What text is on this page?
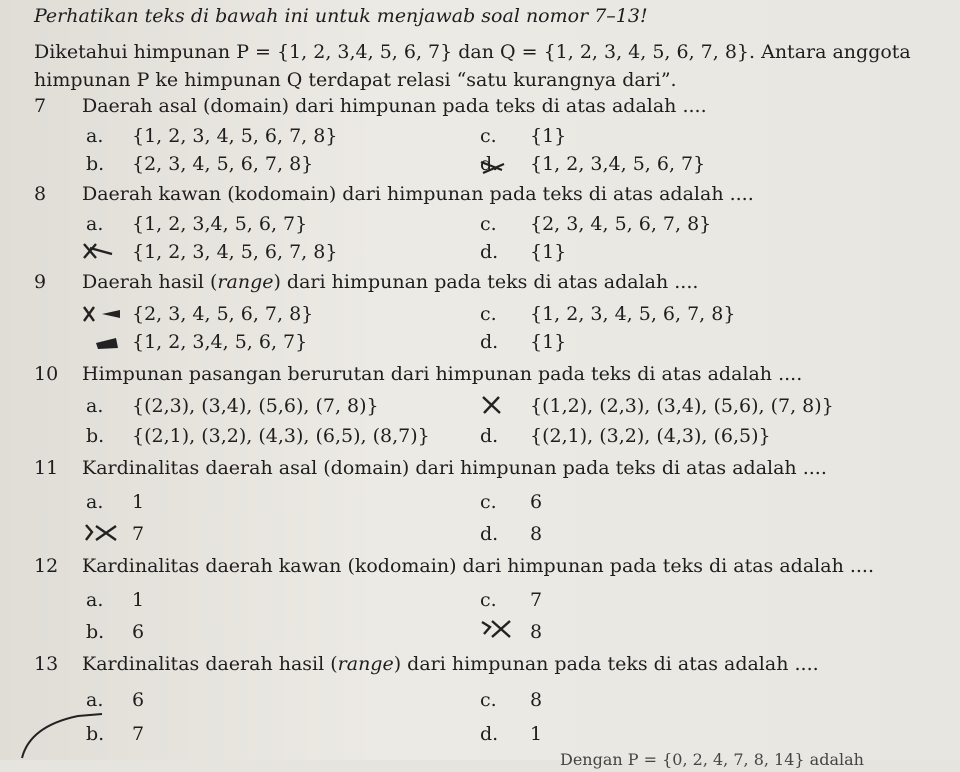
Perhatikan teks di bawah ini untuk menjawab soal nomor 7–13!
Diketahui himpunan P = {1, 2, 3,4, 5, 6, 7} dan Q = {1, 2, 3, 4, 5, 6, 7, 8}. Antara anggota
himpunan P ke himpunan Q terdapat relasi “satu kurangnya dari”.
7 Daerah asal (domain) dari himpunan pada teks di atas adalah ....
a. {1, 2, 3, 4, 5, 6, 7, 8}	c. {1}
b. {2, 3, 4, 5, 6, 7, 8}	d. {1, 2, 3,4, 5, 6, 7}
8 Daerah kawan (kodomain) dari himpunan pada teks di atas adalah ....
a. {1, 2, 3,4, 5, 6, 7}	c. {2, 3, 4, 5, 6, 7, 8}
{1, 2, 3, 4, 5, 6, 7, 8}	d. {1}
9 Daerah hasil (range) dari himpunan pada teks di atas adalah ....
{2, 3, 4, 5, 6, 7, 8}	c. {1, 2, 3, 4, 5, 6, 7, 8}
{1, 2, 3,4, 5, 6, 7}	d. {1}
10 Himpunan pasangan berurutan dari himpunan pada teks di atas adalah ....
a. {(2,3), (3,4), (5,6), (7, 8)}	{(1,2), (2,3), (3,4), (5,6), (7, 8)}
b. {(2,1), (3,2), (4,3), (6,5), (8,7)}	d. {(2,1), (3,2), (4,3), (6,5)}
11 Kardinalitas daerah asal (domain) dari himpunan pada teks di atas adalah ....
a. 1	c. 6
7	d. 8
12 Kardinalitas daerah kawan (kodomain) dari himpunan pada teks di atas adalah ....
a. 1	c. 7
b. 6	8
13 Kardinalitas daerah hasil (range) dari himpunan pada teks di atas adalah ....
a. 6	c. 8
b. 7	d. 1
Dengan P = {0, 2, 4, 7, 8, 14} adalah
